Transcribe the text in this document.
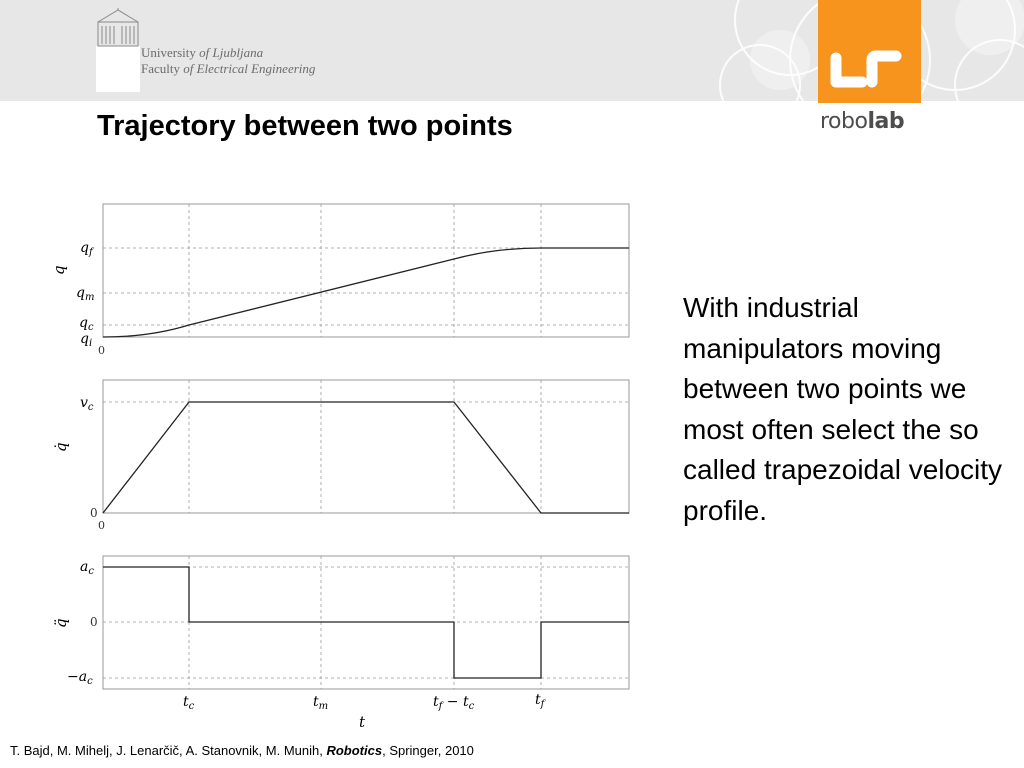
University of Ljubljana
Faculty of Electrical Engineering
robolab
Trajectory between two points
With industrial manipulators moving between two points we most often select the so called trapezoidal velocity profile.
$q_f$
$q_m$
$q_c$
$q_i$
0
q
$v_c$
0
0
q̇
$a_c$
0
$-a_c$
q̈
$t_c$	$t_m$	$t_f - t_c$	$t_f$
t
T. Bajd, M. Mihelj, J. Lenarčič, A. Stanovnik, M. Munih, Robotics, Springer, 2010
